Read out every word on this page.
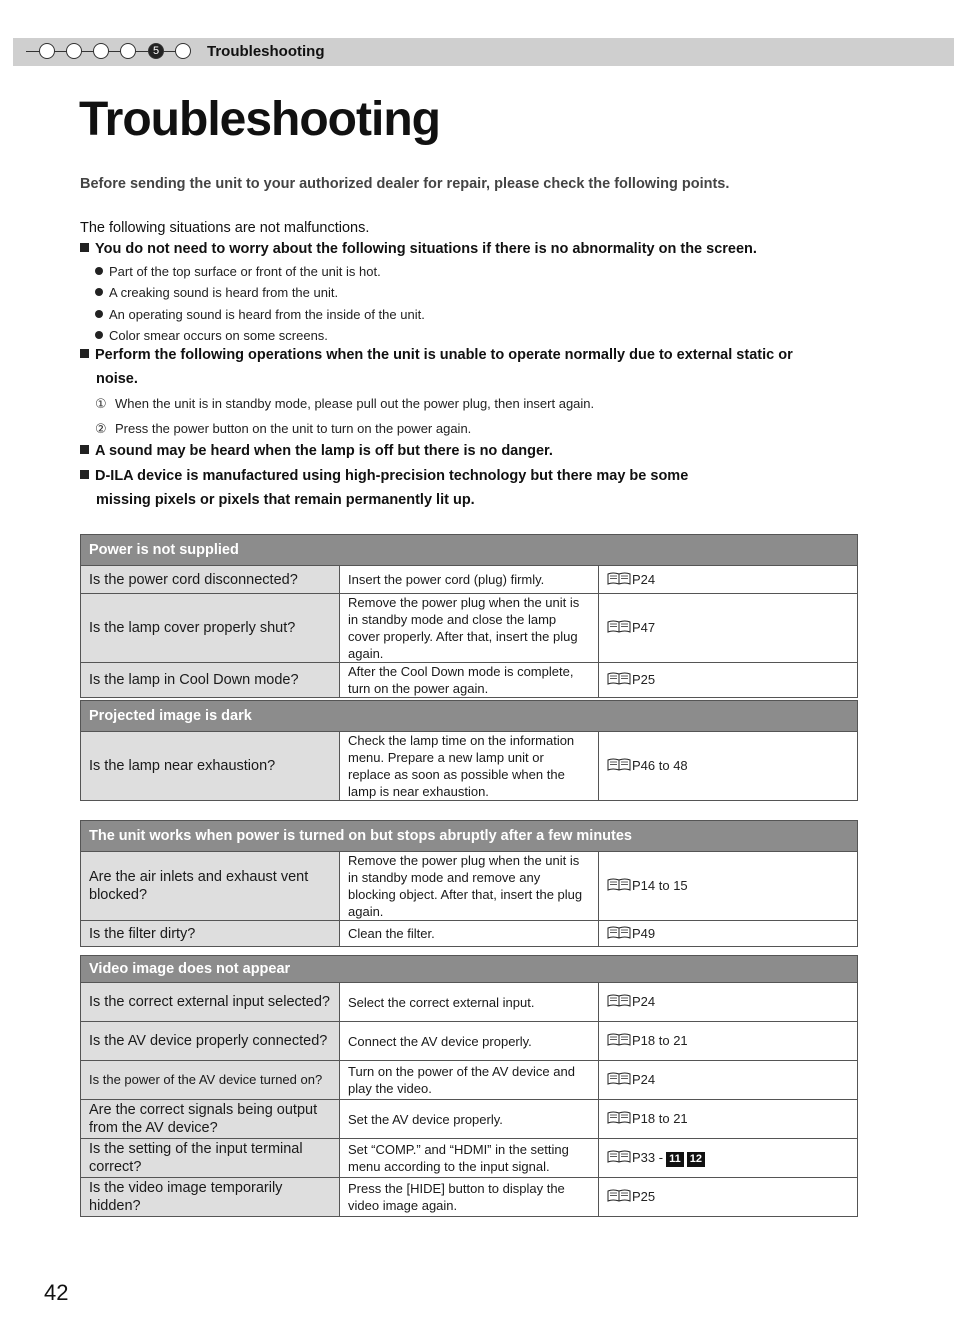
5	Troubleshooting
Troubleshooting
Before sending the unit to your authorized dealer for repair, please check the following points.
The following situations are not malfunctions.
You do not need to worry about the following situations if there is no abnormality on the screen.
Part of the top surface or front of the unit is hot.
A creaking sound is heard from the unit.
An operating sound is heard from the inside of the unit.
Color smear occurs on some screens.
Perform the following operations when the unit is unable to operate normally due to external static or
noise.
① When the unit is in standby mode, please pull out the power plug, then insert again.
② Press the power button on the unit to turn on the power again.
A sound may be heard when the lamp is off but there is no danger.
D-ILA device is manufactured using high-precision technology but there may be some
missing pixels or pixels that remain permanently lit up.
Power is not supplied		
Is the power cord disconnected?	Insert the power cord (plug) firmly.	P24
Is the lamp cover properly shut?	Remove the power plug when the unit is in standby mode and close the lamp cover properly. After that, insert the plug again.	P47
Is the lamp in Cool Down mode?	After the Cool Down mode is complete, turn on the power again.	P25
Projected image is dark
Is the lamp near exhaustion?	Check the lamp time on the information menu. Prepare a new lamp unit or replace as soon as possible when the lamp is near exhaustion.	P46 to 48
The unit works when power is turned on but stops abruptly after a few minutes		
Are the air inlets and exhaust vent blocked?	Remove the power plug when the unit is in standby mode and remove any blocking object. After that, insert the plug again.	P14 to 15
Is the filter dirty?	Clean the filter.	P49
Video image does not appear		
Is the correct external input selected?	Select the correct external input.	P24
Is the AV device properly connected?	Connect the AV device properly.	P18 to 21
Is the power of the AV device turned on?	Turn on the power of the AV device and play the video.	P24
Are the correct signals being output from the AV device?	Set the AV device properly.	P18 to 21
Is the setting of the input terminal correct?	Set “COMP.” and “HDMI” in the setting menu according to the input signal.	P33 - 11 12
Is the video image temporarily hidden?	Press the [HIDE] button to display the video image again.	P25
42
